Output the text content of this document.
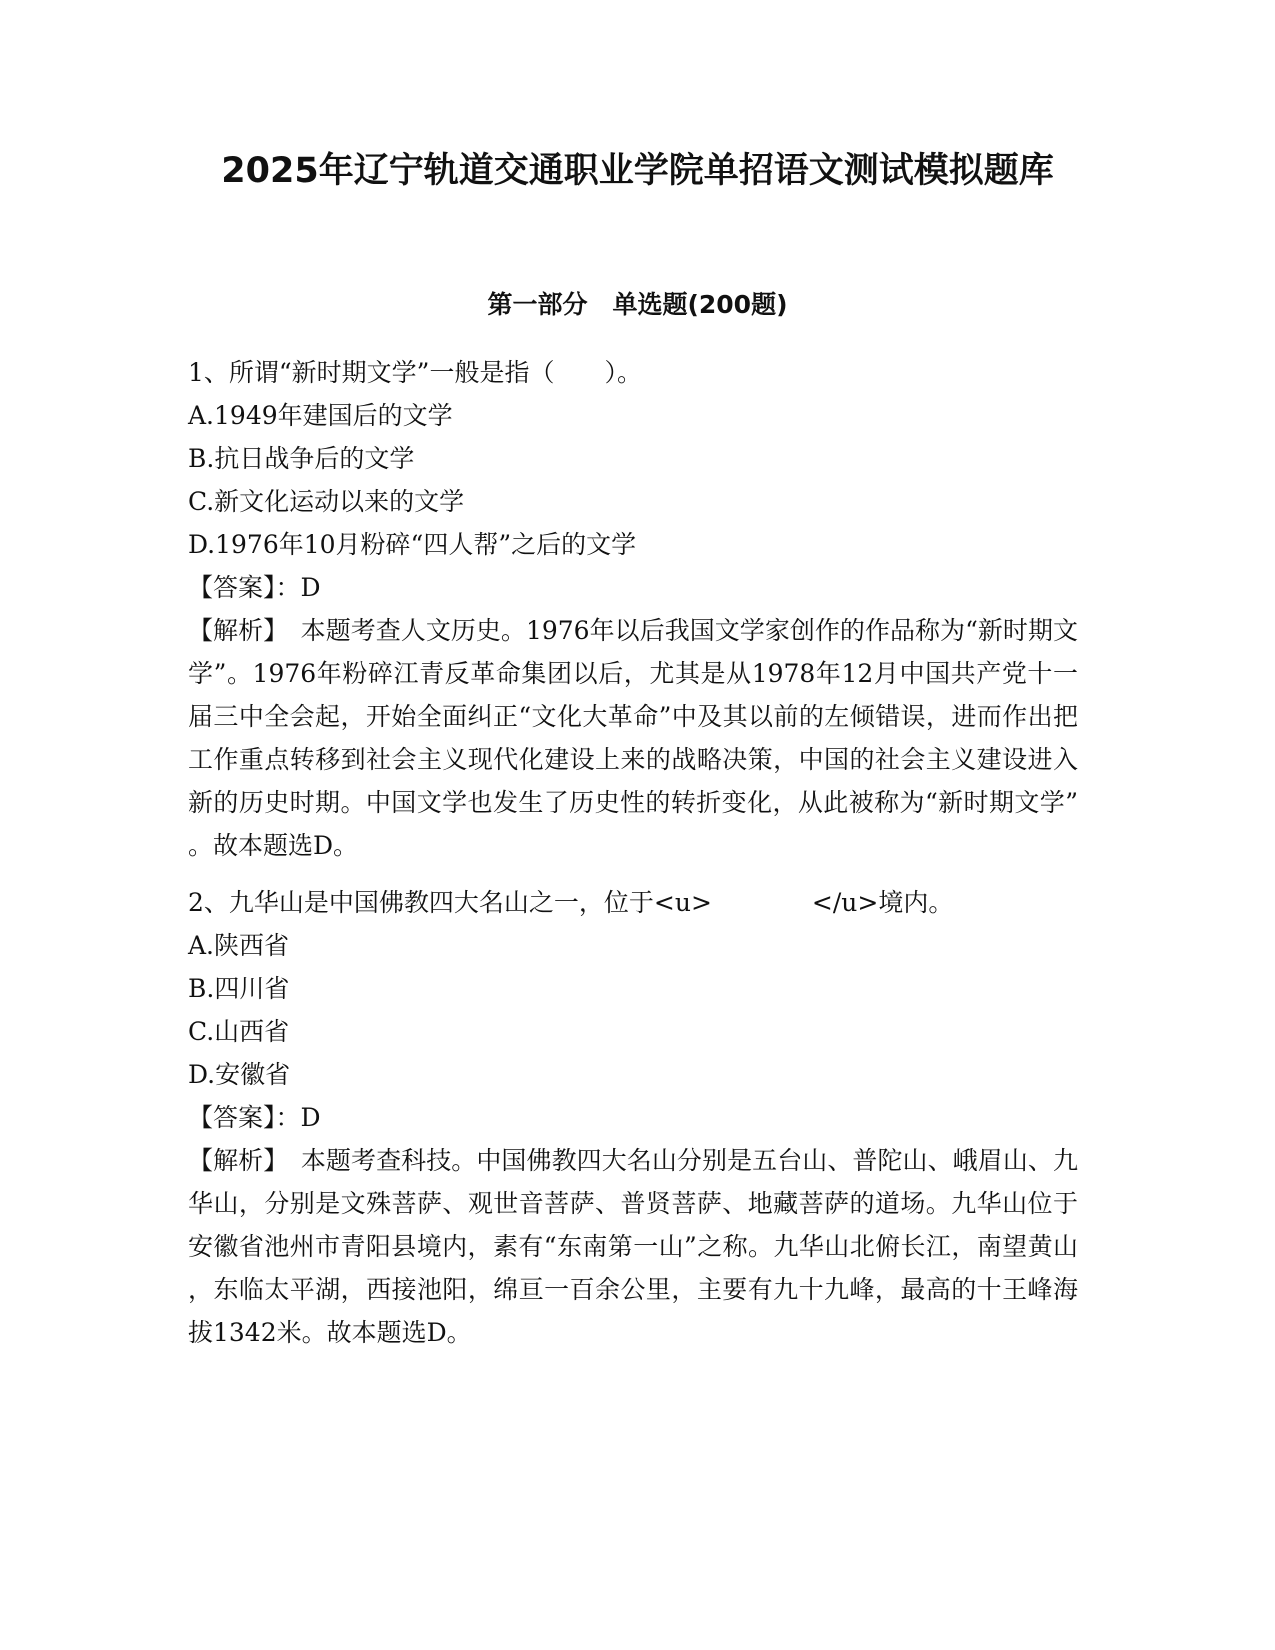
2025年辽宁轨道交通职业学院单招语文测试模拟题库
第一部分　单选题(200题)

1、所谓“新时期文学”一般是指（　　）。

A.1949年建国后的文学

B.抗日战争后的文学

C.新文化运动以来的文学

D.1976年10月粉碎“四人帮”之后的文学

【答案】：D

【解析】　本题考查人文历史。1976年以后我国文学家创作的作品称为“新时期文学”。1976年粉碎江青反革命集团以后，尤其是从1978年12月中国共产党十一届三中全会起，开始全面纠正“文化大革命”中及其以前的左倾错误，进而作出把工作重点转移到社会主义现代化建设上来的战略决策，中国的社会主义建设进入新的历史时期。中国文学也发生了历史性的转折变化，从此被称为“新时期文学”。故本题选D。

2、九华山是中国佛教四大名山之一，位于<u>　　　　</u>境内。

A.陕西省

B.四川省

C.山西省

D.安徽省

【答案】：D

【解析】　本题考查科技。中国佛教四大名山分别是五台山、普陀山、峨眉山、九华山，分别是文殊菩萨、观世音菩萨、普贤菩萨、地藏菩萨的道场。九华山位于安徽省池州市青阳县境内，素有“东南第一山”之称。九华山北俯长江，南望黄山，东临太平湖，西接池阳，绵亘一百余公里，主要有九十九峰，最高的十王峰海拔1342米。故本题选D。
